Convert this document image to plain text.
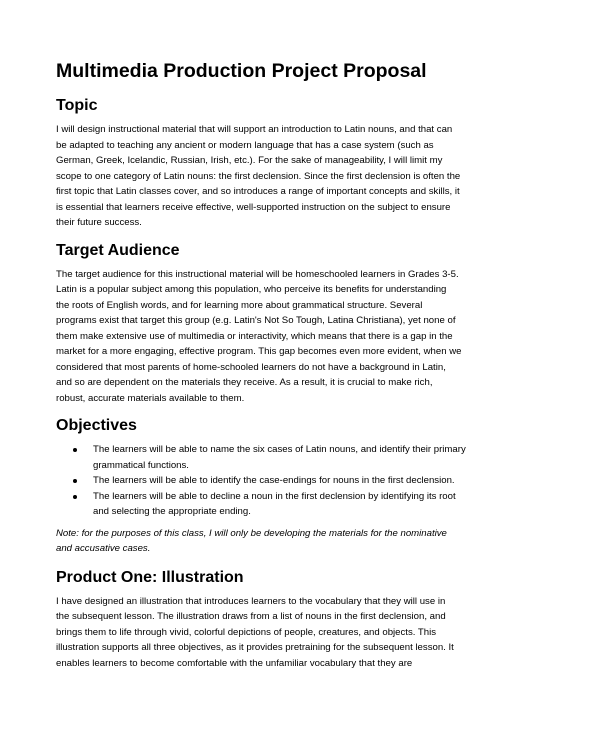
Multimedia Production Project Proposal
Topic

I will design instructional material that will support an introduction to Latin nouns, and that can
be adapted to teaching any ancient or modern language that has a case system (such as
German, Greek, Icelandic, Russian, Irish, etc.). For the sake of manageability, I will limit my
scope to one category of Latin nouns: the first declension. Since the first declension is often the
first topic that Latin classes cover, and so introduces a range of important concepts and skills, it
is essential that learners receive effective, well-supported instruction on the subject to ensure
their future success.

Target Audience

The target audience for this instructional material will be homeschooled learners in Grades 3-5.
Latin is a popular subject among this population, who perceive its benefits for understanding
the roots of English words, and for learning more about grammatical structure. Several
programs exist that target this group (e.g. Latin's Not So Tough, Latina Christiana), yet none of
them make extensive use of multimedia or interactivity, which means that there is a gap in the
market for a more engaging, effective program. This gap becomes even more evident, when we
considered that most parents of home-schooled learners do not have a background in Latin,
and so are dependent on the materials they receive. As a result, it is crucial to make rich,
robust, accurate materials available to them.

Objectives
The learners will be able to name the six cases of Latin nouns, and identify their primary
grammatical functions.
The learners will be able to identify the case-endings for nouns in the first declension.
The learners will be able to decline a noun in the first declension by identifying its root
and selecting the appropriate ending.

Note: for the purposes of this class, I will only be developing the materials for the nominative
and accusative cases.

Product One: Illustration

I have designed an illustration that introduces learners to the vocabulary that they will use in
the subsequent lesson. The illustration draws from a list of nouns in the first declension, and
brings them to life through vivid, colorful depictions of people, creatures, and objects. This
illustration supports all three objectives, as it provides pretraining for the subsequent lesson. It
enables learners to become comfortable with the unfamiliar vocabulary that they are
